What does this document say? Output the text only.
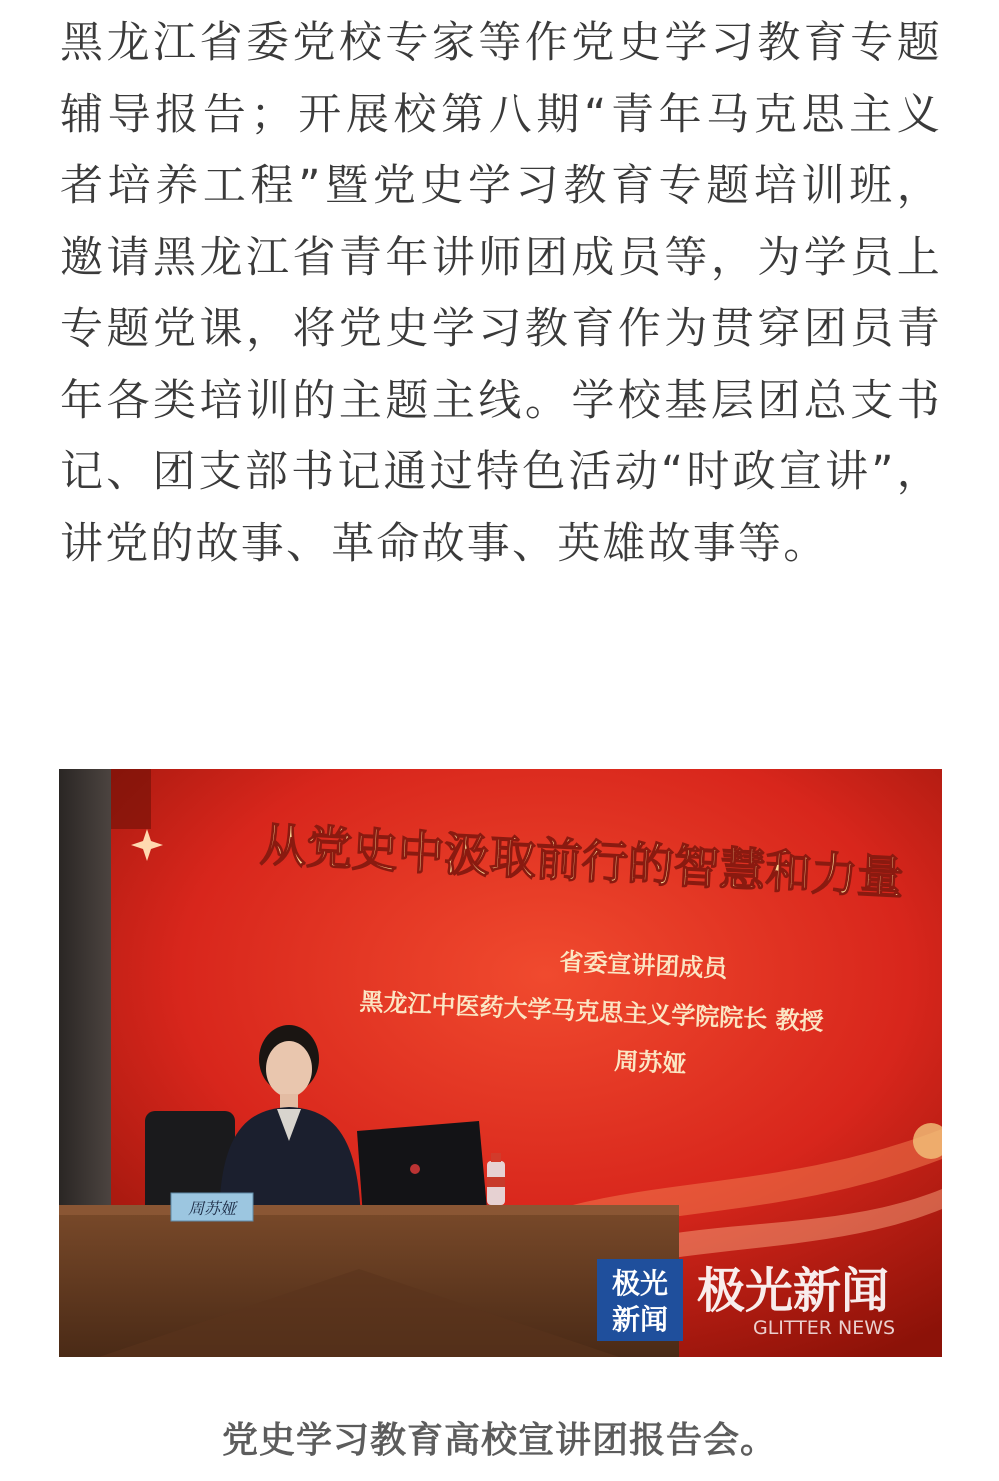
黑龙江省委党校专家等作党史学习教育专题辅导报告；开展校第八期“青年马克思主义者培养工程”暨党史学习教育专题培训班，邀请黑龙江省青年讲师团成员等，为学员上专题党课，将党史学习教育作为贯穿团员青年各类培训的主题主线。学校基层团总支书记、团支部书记通过特色活动“时政宣讲”，讲党的故事、革命故事、英雄故事等。

从党史中汲取前行的智慧和力量
省委宣讲团成员
黑龙江中医药大学马克思主义学院院长 教授
周苏娅
周苏娅
极光
新闻
极光新闻
GLITTER NEWS
党史学习教育高校宣讲团报告会。
